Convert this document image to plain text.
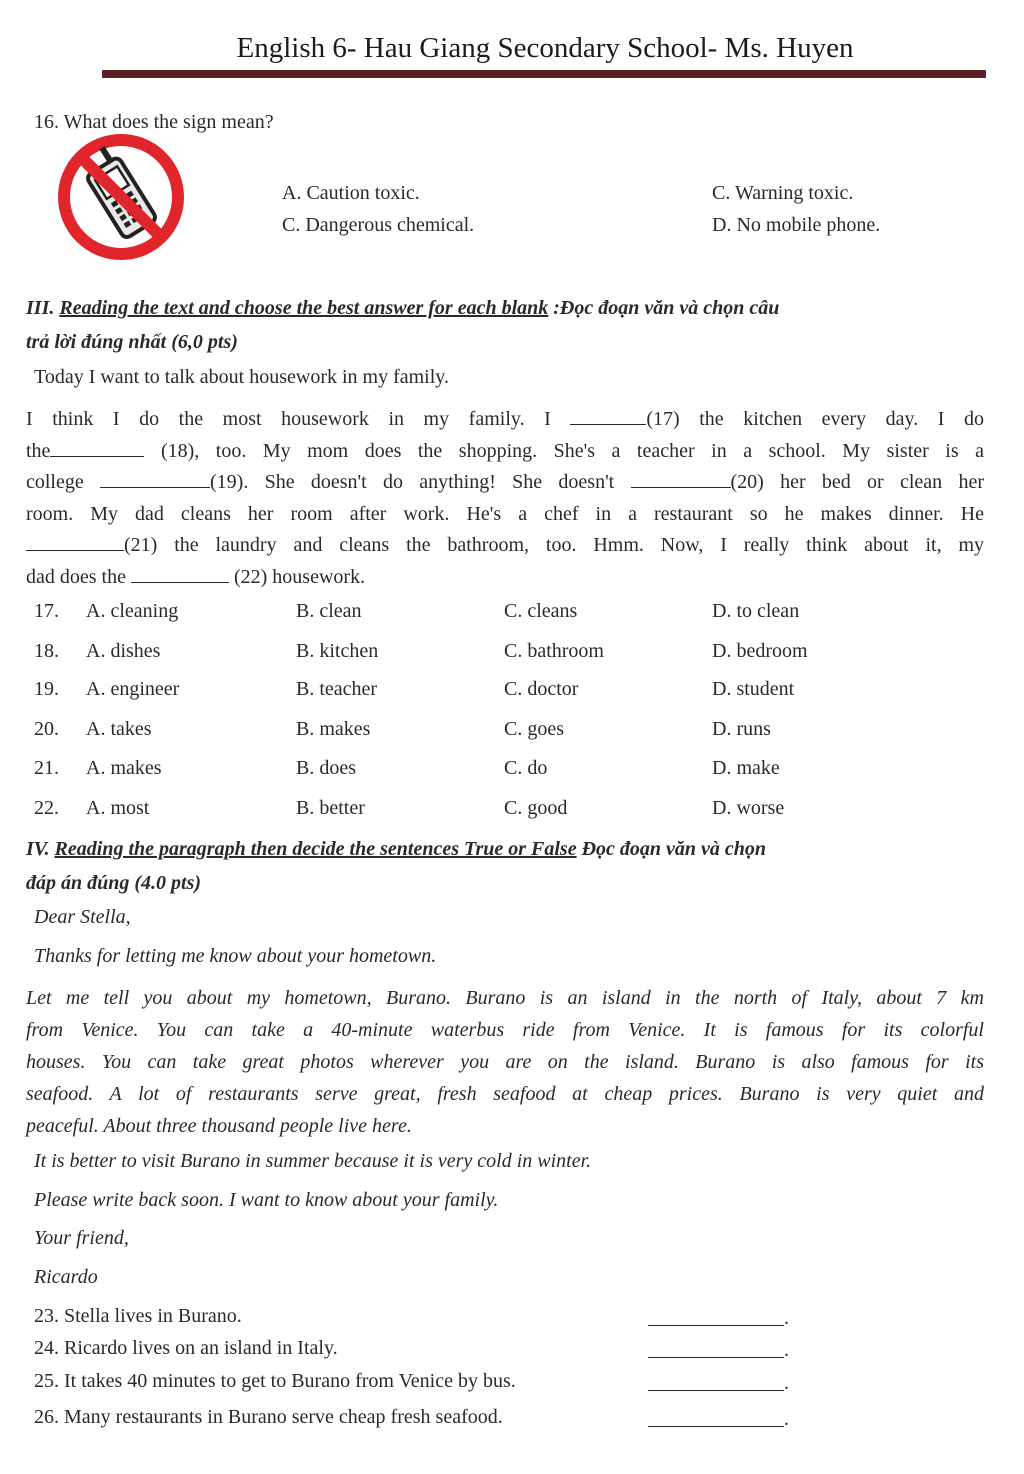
English 6- Hau Giang Secondary School- Ms. Huyen
16. What does the sign mean?
A. Caution toxic.	C. Warning toxic.
C. Dangerous chemical.	D. No mobile phone.
III. Reading the text and choose the best answer for each blank :Đọc đoạn văn và chọn câu
trả lời đúng nhất (6,0 pts)
Today I want to talk about housework in my family.
I think I do the most housework in my family. I	(17) the kitchen every day. I do
the	(18), too. My mom does the shopping. She's a teacher in a school. My sister is a
college	(19). She doesn't do anything! She doesn't	(20) her bed or clean her
room. My dad cleans her room after work. He's a chef in a restaurant so he makes dinner. He
(21) the laundry and cleans the bathroom, too. Hmm. Now, I really think about it, my
dad does the	(22) housework.
17. A. cleaning	B. clean	C. cleans	D. to clean
18. A. dishes	B. kitchen	C. bathroom	D. bedroom
19. A. engineer	B. teacher	C. doctor	D. student
20. A. takes	B. makes	C. goes	D. runs
21. A. makes	B. does	C. do	D. make
22. A. most	B. better	C. good	D. worse
IV. Reading the paragraph then decide the sentences True or False Đọc đoạn văn và chọn
đáp án đúng (4.0 pts)
Dear Stella,
Thanks for letting me know about your hometown.
Let me tell you about my hometown, Burano. Burano is an island in the north of Italy, about 7 km
from Venice. You can take a 40-minute waterbus ride from Venice. It is famous for its colorful
houses. You can take great photos wherever you are on the island. Burano is also famous for its
seafood. A lot of restaurants serve great, fresh seafood at cheap prices. Burano is very quiet and
peaceful. About three thousand people live here.
It is better to visit Burano in summer because it is very cold in winter.
Please write back soon. I want to know about your family.
Your friend,
Ricardo
23. Stella lives in Burano.	.
24. Ricardo lives on an island in Italy.	.
25. It takes 40 minutes to get to Burano from Venice by bus.	.
26. Many restaurants in Burano serve cheap fresh seafood.	.
